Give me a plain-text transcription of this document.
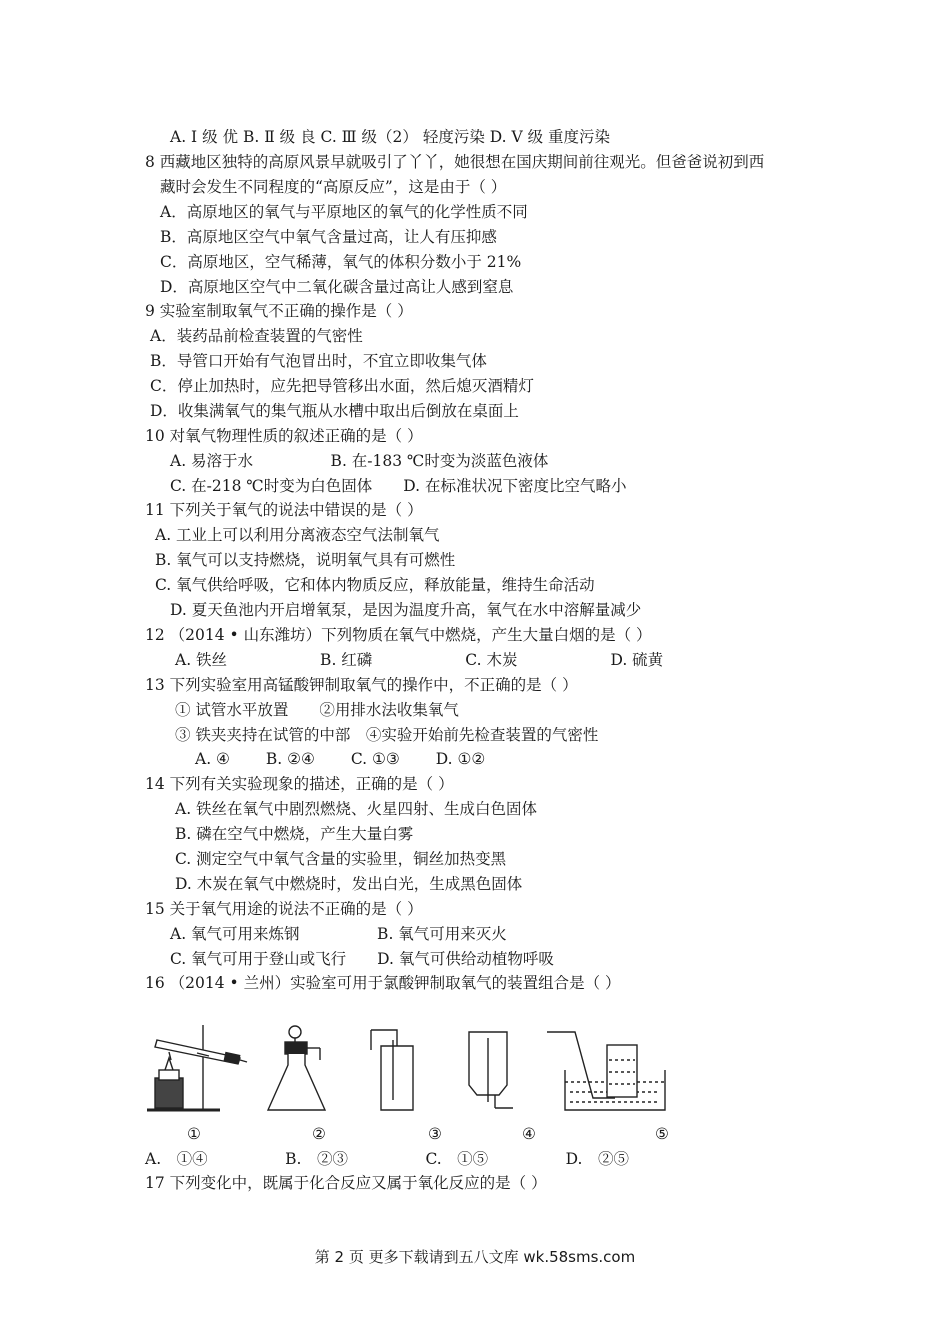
A. Ⅰ 级 优 B. Ⅱ 级 良 C. Ⅲ 级（2） 轻度污染 D. Ⅴ 级 重度污染
8 西藏地区独特的高原风景早就吸引了丫丫，她很想在国庆期间前往观光。但爸爸说初到西
藏时会发生不同程度的“高原反应”，这是由于（ ）
A．高原地区的氧气与平原地区的氧气的化学性质不同
B．高原地区空气中氧气含量过高，让人有压抑感
C．高原地区，空气稀薄，氧气的体积分数小于 21%
D．高原地区空气中二氧化碳含量过高让人感到窒息
9 实验室制取氧气不正确的操作是（ ）
A．装药品前检查装置的气密性
B．导管口开始有气泡冒出时，不宜立即收集气体
C．停止加热时，应先把导管移出水面，然后熄灭酒精灯
D．收集满氧气的集气瓶从水槽中取出后倒放在桌面上
10 对氧气物理性质的叙述正确的是（ ）
A. 易溶于水　　　　　B. 在-183 ℃时变为淡蓝色液体
C. 在-218 ℃时变为白色固体　　D. 在标准状况下密度比空气略小
11 下列关于氧气的说法中错误的是（ ）
A. 工业上可以利用分离液态空气法制氧气
B. 氧气可以支持燃烧，说明氧气具有可燃性
C. 氧气供给呼吸，它和体内物质反应，释放能量，维持生命活动
D. 夏天鱼池内开启增氧泵，是因为温度升高，氧气在水中溶解量减少
12 （2014 • 山东潍坊）下列物质在氧气中燃烧，产生大量白烟的是（ ）
A. 铁丝　　　　　　B. 红磷　　　　　　C. 木炭　　　　　　D. 硫黄
13 下列实验室用高锰酸钾制取氧气的操作中，不正确的是（ ）
① 试管水平放置　　②用排水法收集氧气
③ 铁夹夹持在试管的中部　④实验开始前先检查装置的气密性
A. ④　　 B. ②④　　 C. ①③　　 D. ①②
14 下列有关实验现象的描述，正确的是（ ）
A. 铁丝在氧气中剧烈燃烧、火星四射、生成白色固体
B. 磷在空气中燃烧，产生大量白雾
C. 测定空气中氧气含量的实验里，铜丝加热变黑
D. 木炭在氧气中燃烧时，发出白光，生成黑色固体
15 关于氧气用途的说法不正确的是（ ）
A. 氧气可用来炼钢　　　　　B. 氧气可用来灭火
C. 氧气可用于登山或飞行　　D. 氧气可供给动植物呼吸
16 （2014 • 兰州）实验室可用于氯酸钾制取氧气的装置组合是（ ）
①	②	③	④	⑤
A.　①④　　　　　B.　②③　　　　　C.　①⑤　　　　　D.　②⑤
17 下列变化中，既属于化合反应又属于氧化反应的是（ ）
第 2 页 更多下载请到五八文库 wk.58sms.com
